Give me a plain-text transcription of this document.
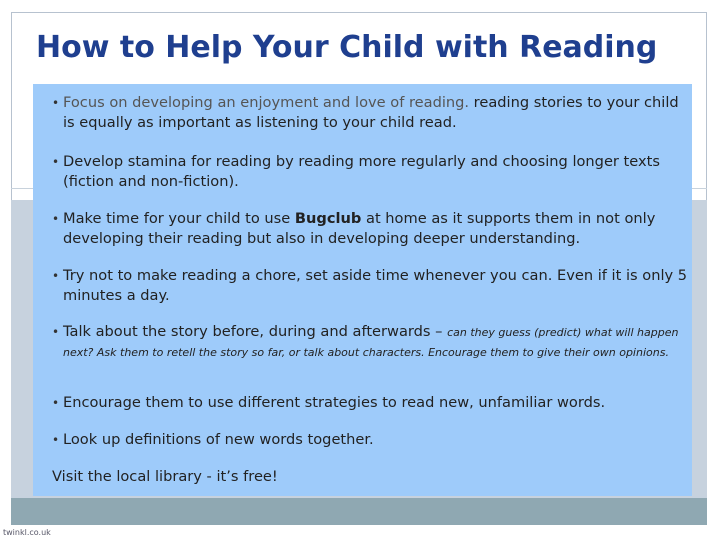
How to Help Your Child with Reading
• Focus on developing an enjoyment and love of reading. reading stories to your child is equally as important as listening to your child read.
• Develop stamina for reading by reading more regularly and choosing longer texts (fiction and non-fiction).
• Make time for your child to use Bugclub at home as it supports them in not only developing their reading but also in developing deeper understanding.
• Try not to make reading a chore, set aside time whenever you can. Even if it is only 5 minutes a day.
• Talk about the story before, during and afterwards – can they guess (predict) what will happen next? Ask them to retell the story so far, or talk about characters. Encourage them to give their own opinions.
• Encourage them to use different strategies to read new, unfamiliar words.
• Look up definitions of new words together.
Visit the local library - it’s free!
twinkl.co.uk
